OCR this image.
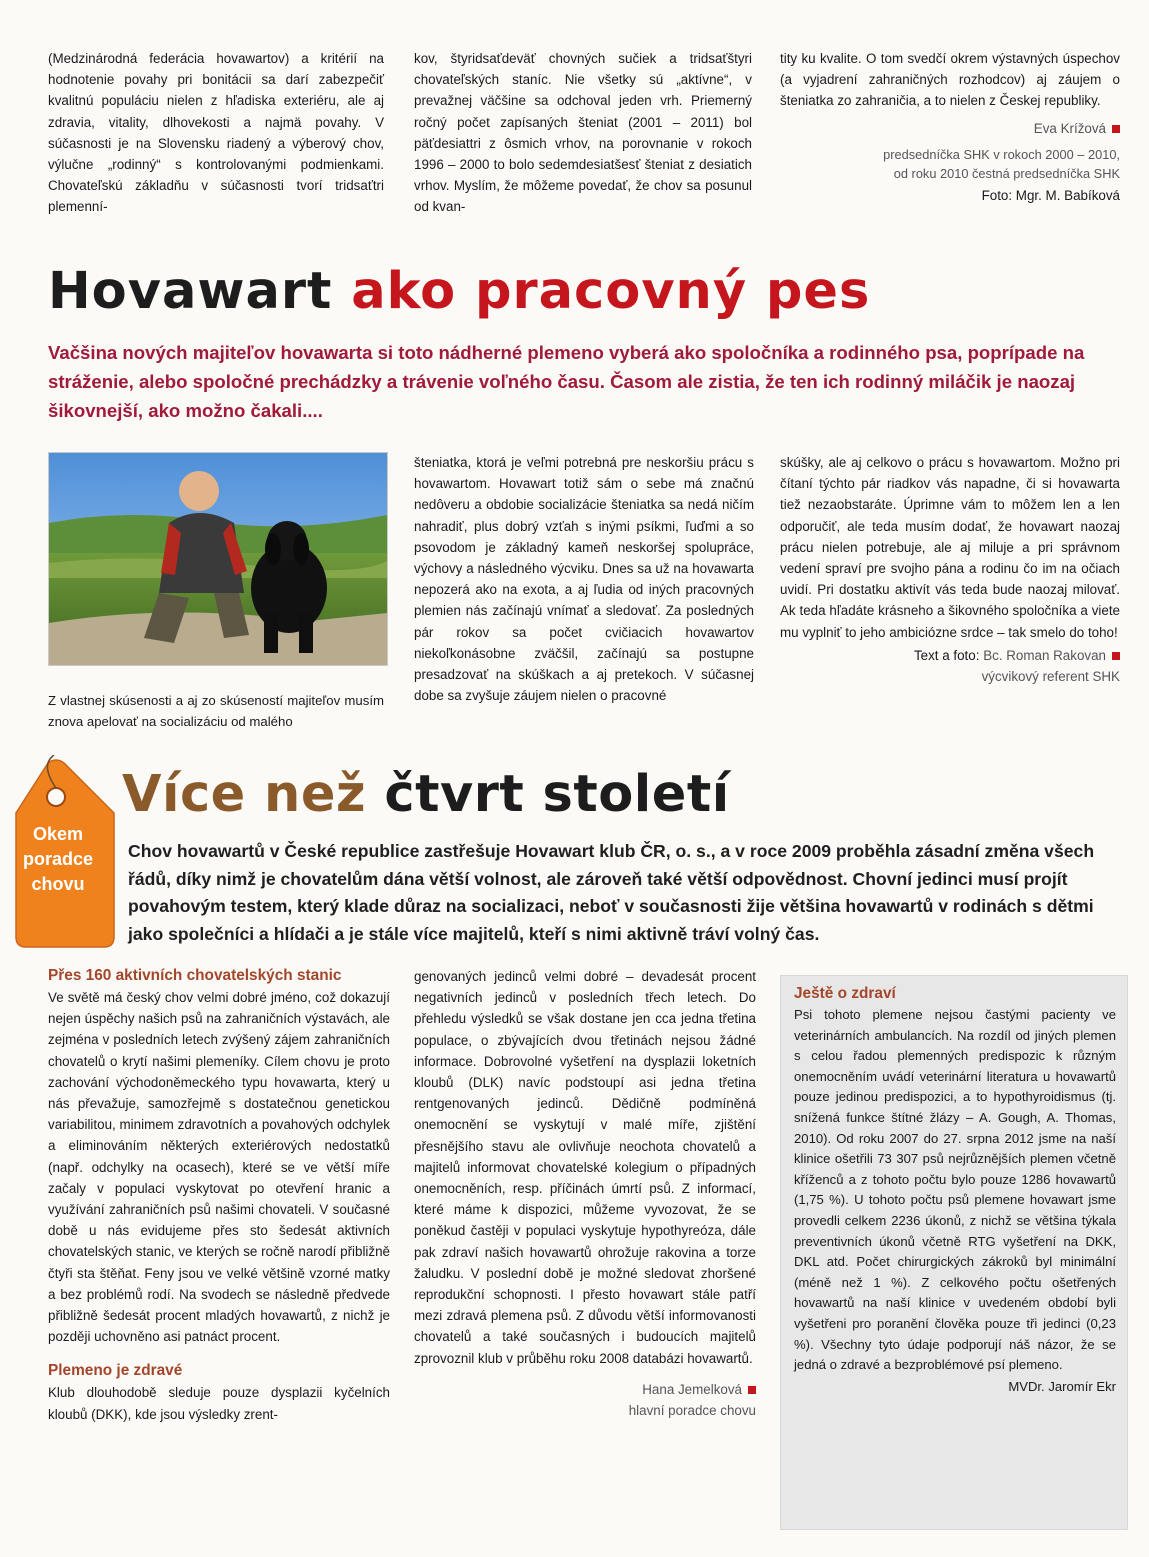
(Medzinárodná federácia hovawartov) a kritérií na hodnotenie povahy pri bonitácii sa darí zabezpečiť kvalitnú populáciu nielen z hľadiska exteriéru, ale aj zdravia, vitality, dlhovekosti a najmä povahy. V súčasnosti je na Slovensku riadený a výberový chov, výlučne „rodinný“ s kontrolovanými podmienkami. Chovateľskú základňu v súčasnosti tvorí tridsaťtri plemenní-

kov, štyridsaťdeväť chovných sučiek a tridsaťštyri chovateľských staníc. Nie všetky sú „aktívne“, v prevažnej väčšine sa odchoval jeden vrh. Priemerný ročný počet zapísaných šteniat (2001 – 2011) bol päťdesiattri z ôsmich vrhov, na porovnanie v rokoch 1996 – 2000 to bolo sedemdesiatšesť šteniat z desiatich vrhov. Myslím, že môžeme povedať, že chov sa posunul od kvan-

tity ku kvalite. O tom svedčí okrem výstavných úspechov (a vyjadrení zahraničných rozhodcov) aj záujem o šteniatka zo zahraničia, a to nielen z Českej republiky.

Eva Krížová
predsedníčka SHK v rokoch 2000 – 2010,
od roku 2010 čestná predsedníčka SHK
Foto: Mgr. M. Babíková
Hovawart ako pracovný pes
Vačšina nových majiteľov hovawarta si toto nádherné plemeno vyberá ako spoločníka a rodinného psa, poprípade na stráženie, alebo spoločné prechádzky a trávenie voľného času. Časom ale zistia, že ten ich rodinný miláčik je naozaj šikovnejší, ako možno čakali....
Z vlastnej skúsenosti a aj zo skúseností majiteľov musím znova apelovať na socializáciu od malého

šteniatka, ktorá je veľmi potrebná pre neskoršiu prácu s hovawartom. Hovawart totiž sám o sebe má značnú nedôveru a obdobie socializácie šteniatka sa nedá ničím nahradiť, plus dobrý vzťah s inými psíkmi, ľuďmi a so psovodom je základný kameň neskoršej spolupráce, výchovy a následného výcviku. Dnes sa už na hovawarta nepozerá ako na exota, a aj ľudia od iných pracovných plemien nás začínajú vnímať a sledovať. Za posledných pár rokov sa počet cvičiacich hovawartov niekoľkonásobne zväčšil, začínajú sa postupne presadzovať na skúškach a aj pretekoch. V súčasnej dobe sa zvyšuje záujem nielen o pracovné

skúšky, ale aj celkovo o prácu s hovawartom. Možno pri čítaní týchto pár riadkov vás napadne, či si hovawarta tiež nezaobstaráte. Úprimne vám to môžem len a len odporučiť, ale teda musím dodať, že hovawart naozaj prácu nielen potrebuje, ale aj miluje a pri správnom vedení spraví pre svojho pána a rodinu čo im na očiach uvidí. Pri dostatku aktivít vás teda bude naozaj milovať. Ak teda hľadáte krásneho a šikovného spoločníka a viete mu vyplniť to jeho ambiciózne srdce – tak smelo do toho!

Text a foto: Bc. Roman Rakovan
výcvikový referent SHK
Okem
poradce
chovu
Více než čtvrt století
Chov hovawartů v České republice zastřešuje Hovawart klub ČR, o. s., a v roce 2009 proběhla zásadní změna všech řádů, díky nimž je chovatelům dána větší volnost, ale zároveň také větší odpovědnost. Chovní jedinci musí projít povahovým testem, který klade důraz na socializaci, neboť v současnosti žije většina hovawartů v rodinách s dětmi jako společníci a hlídači a je stále více majitelů, kteří s nimi aktivně tráví volný čas.
Přes 160 aktivních chovatelských stanic

Ve světě má český chov velmi dobré jméno, což dokazují nejen úspěchy našich psů na zahraničních výstavách, ale zejména v posledních letech zvýšený zájem zahraničních chovatelů o krytí našimi plemeníky. Cílem chovu je proto zachování východoněmeckého typu hovawarta, který u nás převažuje, samozřejmě s dostatečnou genetickou variabilitou, minimem zdravotních a povahových odchylek a eliminováním některých exteriérových nedostatků (např. odchylky na ocasech), které se ve větší míře začaly v populaci vyskytovat po otevření hranic a využívání zahraničních psů našimi chovateli. V současné době u nás evidujeme přes sto šedesát aktivních chovatelských stanic, ve kterých se ročně narodí přibližně čtyři sta štěňat. Feny jsou ve velké většině vzorné matky a bez problémů rodí. Na svodech se následně předvede přibližně šedesát procent mladých hovawartů, z nichž je později uchovněno asi patnáct procent.

Plemeno je zdravé

Klub dlouhodobě sleduje pouze dysplazii kyčelních kloubů (DKK), kde jsou výsledky zrent-

genovaných jedinců velmi dobré – devadesát procent negativních jedinců v posledních třech letech. Do přehledu výsledků se však dostane jen cca jedna třetina populace, o zbývajících dvou třetinách nejsou žádné informace. Dobrovolné vyšetření na dysplazii loketních kloubů (DLK) navíc podstoupí asi jedna třetina rentgenovaných jedinců. Dědičně podmíněná onemocnění se vyskytují v malé míře, zjištění přesnějšího stavu ale ovlivňuje neochota chovatelů a majitelů informovat chovatelské kolegium o případných onemocněních, resp. příčinách úmrtí psů. Z informací, které máme k dispozici, můžeme vyvozovat, že se poněkud častěji v populaci vyskytuje hypothyreóza, dále pak zdraví našich hovawartů ohrožuje rakovina a torze žaludku. V poslední době je možné sledovat zhoršené reprodukční schopnosti. I přesto hovawart stále patří mezi zdravá plemena psů. Z důvodu větší informovanosti chovatelů a také současných i budoucích majitelů zprovoznil klub v průběhu roku 2008 databázi hovawartů.

Hana Jemelková
hlavní poradce chovu
Ještě o zdraví

Psi tohoto plemene nejsou častými pacienty ve veterinárních ambulancích. Na rozdíl od jiných plemen s celou řadou plemenných predispozic k různým onemocněním uvádí veterinární literatura u hovawartů pouze jedinou predispozici, a to hypothyroidismus (tj. snížená funkce štítné žlázy – A. Gough, A. Thomas, 2010). Od roku 2007 do 27. srpna 2012 jsme na naší klinice ošetřili 73 307 psů nejrůznějších plemen včetně kříženců a z tohoto počtu bylo pouze 1286 hovawartů (1,75 %). U tohoto počtu psů plemene hovawart jsme provedli celkem 2236 úkonů, z nichž se většina týkala preventivních úkonů včetně RTG vyšetření na DKK, DKL atd. Počet chirurgických zákroků byl minimální (méně než 1 %). Z celkového počtu ošetřených hovawartů na naší klinice v uvedeném období byli vyšetřeni pro poranění člověka pouze tři jedinci (0,23 %). Všechny tyto údaje podporují náš názor, že se jedná o zdravé a bezproblémové psí plemeno.

MVDr. Jaromír Ekr
